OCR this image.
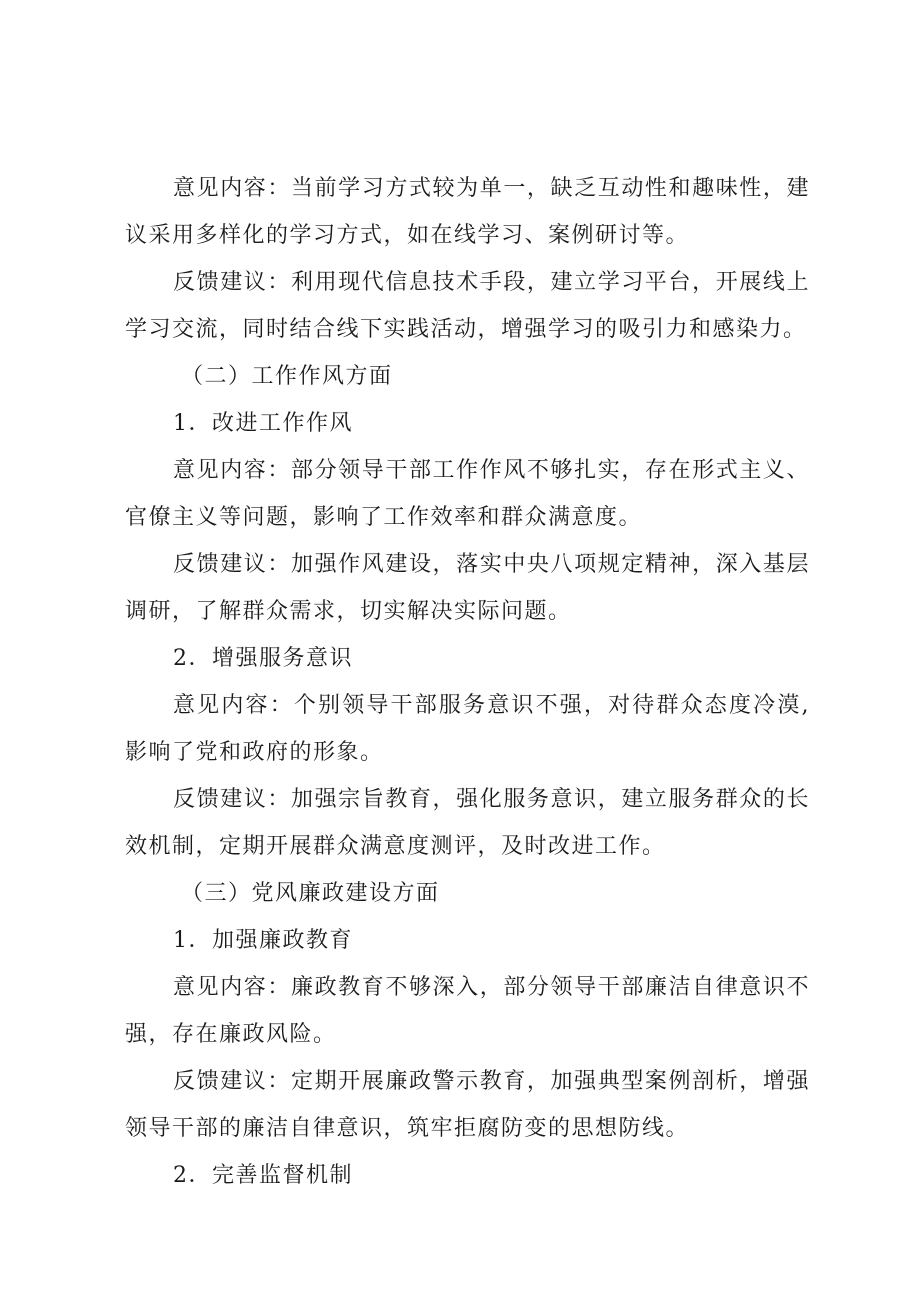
意见内容：当前学习方式较为单一，缺乏互动性和趣味性，建议采用多样化的学习方式，如在线学习、案例研讨等。

反馈建议：利用现代信息技术手段，建立学习平台，开展线上学习交流，同时结合线下实践活动，增强学习的吸引力和感染力。

（二）工作作风方面

1．改进工作作风

意见内容：部分领导干部工作作风不够扎实，存在形式主义、官僚主义等问题，影响了工作效率和群众满意度。

反馈建议：加强作风建设，落实中央八项规定精神，深入基层调研，了解群众需求，切实解决实际问题。

2．增强服务意识

意见内容：个别领导干部服务意识不强，对待群众态度冷漠,影响了党和政府的形象。

反馈建议：加强宗旨教育，强化服务意识，建立服务群众的长效机制，定期开展群众满意度测评，及时改进工作。

（三）党风廉政建设方面

1．加强廉政教育

意见内容：廉政教育不够深入，部分领导干部廉洁自律意识不强，存在廉政风险。

反馈建议：定期开展廉政警示教育，加强典型案例剖析，增强领导干部的廉洁自律意识，筑牢拒腐防变的思想防线。

2．完善监督机制
